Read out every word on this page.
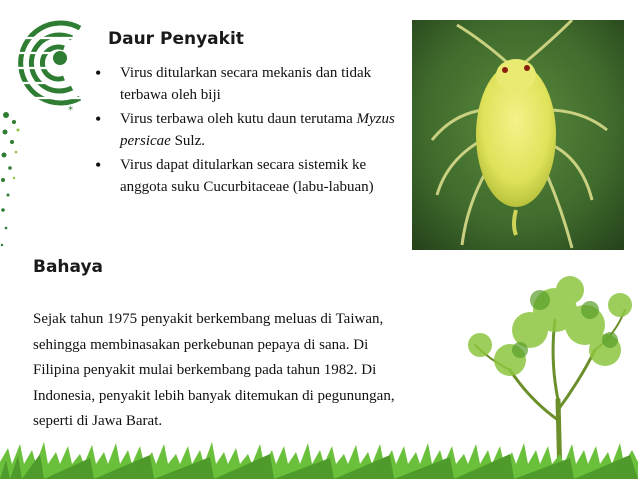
*
Daur Penyakit
• Virus ditularkan secara mekanis dan tidak terbawa oleh biji
• Virus terbawa oleh kutu daun terutama Myzus persicae Sulz.
• Virus dapat ditularkan secara sistemik ke anggota suku Cucurbitaceae (labu-labuan)
Bahaya

Sejak tahun 1975 penyakit berkembang meluas di Taiwan,
sehingga membinasakan perkebunan pepaya di sana. Di
Filipina penyakit mulai berkembang pada tahun 1982. Di
Indonesia, penyakit lebih banyak ditemukan di pegunungan,
seperti di Jawa Barat.
